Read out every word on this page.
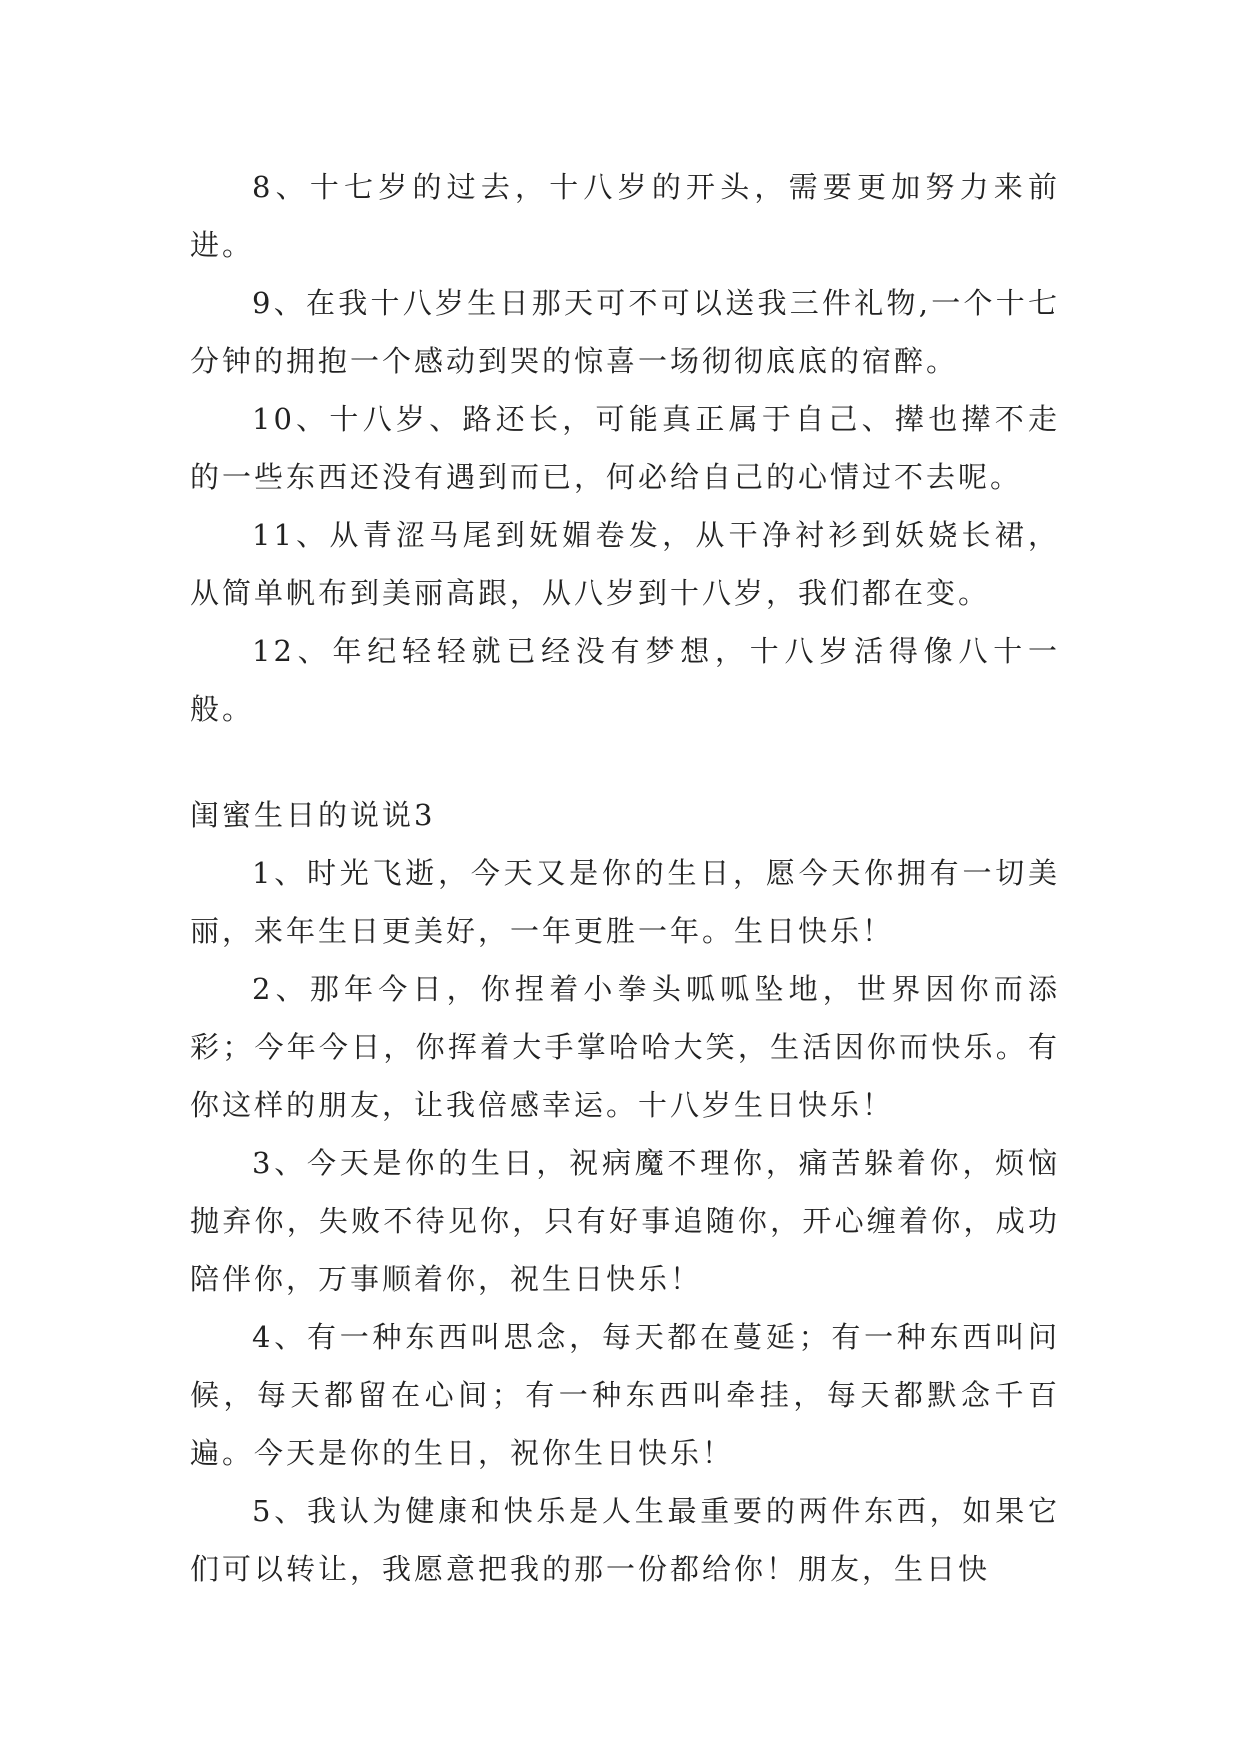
8、十七岁的过去，十八岁的开头，需要更加努力来前进。

9、在我十八岁生日那天可不可以送我三件礼物,一个十七分钟的拥抱一个感动到哭的惊喜一场彻彻底底的宿醉。

10、十八岁、路还长，可能真正属于自己、撵也撵不走的一些东西还没有遇到而已，何必给自己的心情过不去呢。

11、从青涩马尾到妩媚卷发，从干净衬衫到妖娆长裙，从简单帆布到美丽高跟，从八岁到十八岁，我们都在变。

12、年纪轻轻就已经没有梦想，十八岁活得像八十一般。

闺蜜生日的说说3

1、时光飞逝，今天又是你的生日，愿今天你拥有一切美丽，来年生日更美好，一年更胜一年。生日快乐！

2、那年今日，你捏着小拳头呱呱坠地，世界因你而添彩；今年今日，你挥着大手掌哈哈大笑，生活因你而快乐。有你这样的朋友，让我倍感幸运。十八岁生日快乐！

3、今天是你的生日，祝病魔不理你，痛苦躲着你，烦恼抛弃你，失败不待见你，只有好事追随你，开心缠着你，成功陪伴你，万事顺着你，祝生日快乐！

4、有一种东西叫思念，每天都在蔓延；有一种东西叫问候，每天都留在心间；有一种东西叫牵挂，每天都默念千百遍。今天是你的生日，祝你生日快乐！

5、我认为健康和快乐是人生最重要的两件东西，如果它们可以转让，我愿意把我的那一份都给你！朋友，生日快
